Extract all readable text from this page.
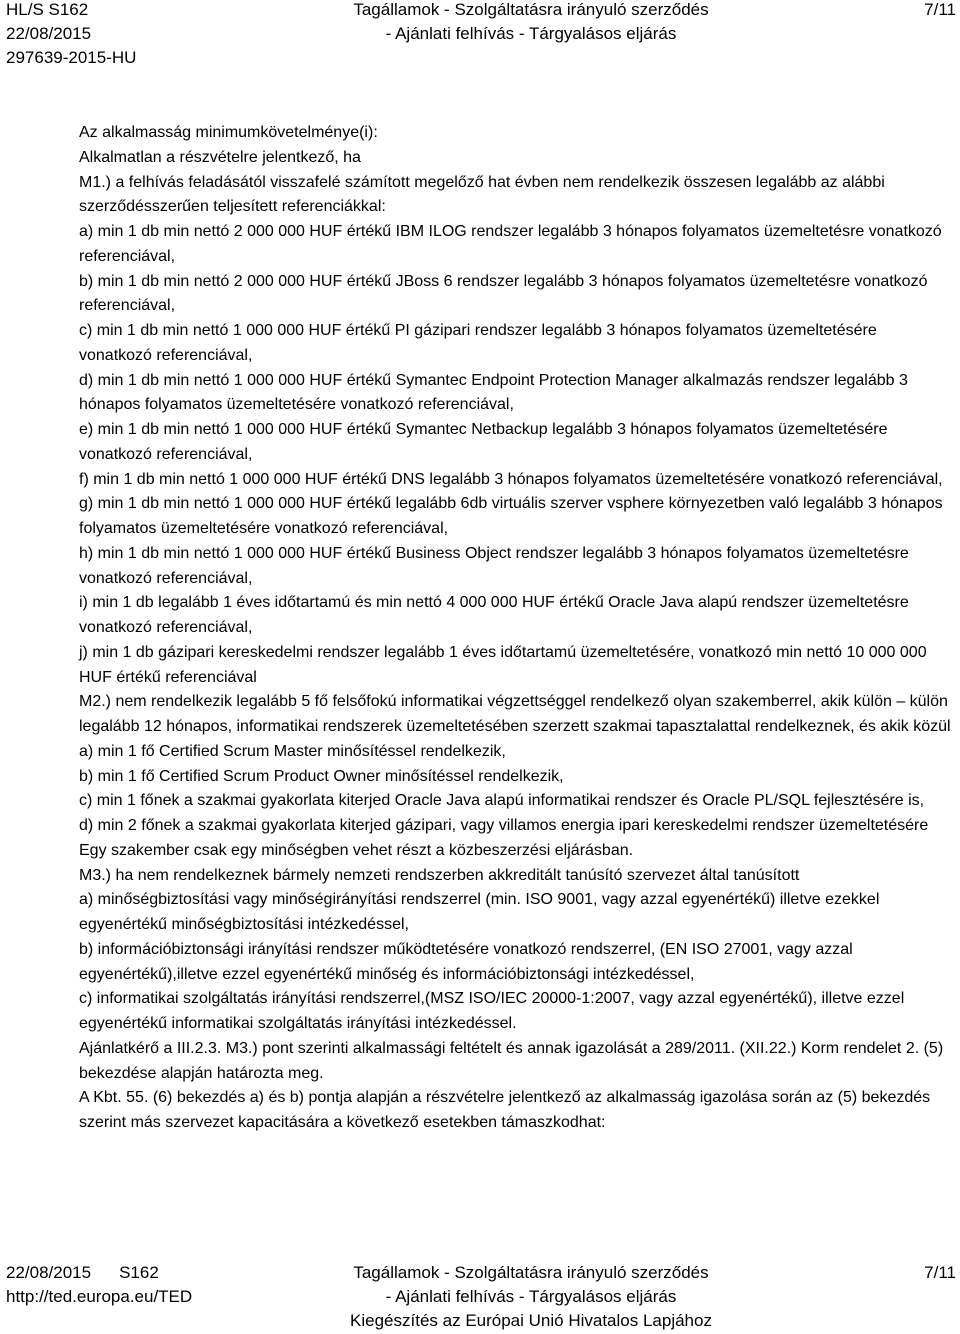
HL/S S162
22/08/2015
297639-2015-HU
Tagállamok - Szolgáltatásra irányuló szerződés
- Ajánlati felhívás - Tárgyalásos eljárás
7/11

Az alkalmasság minimumkövetelménye(i):

Alkalmatlan a részvételre jelentkező, ha

M1.) a felhívás feladásától visszafelé számított megelőző hat évben nem rendelkezik összesen legalább az alábbi szerződésszerűen teljesített referenciákkal:

a) min 1 db min nettó 2 000 000 HUF értékű IBM ILOG rendszer legalább 3 hónapos folyamatos üzemeltetésre vonatkozó referenciával,

b) min 1 db min nettó 2 000 000 HUF értékű JBoss 6 rendszer legalább 3 hónapos folyamatos üzemeltetésre vonatkozó referenciával,

c) min 1 db min nettó 1 000 000 HUF értékű PI gázipari rendszer legalább 3 hónapos folyamatos üzemeltetésére vonatkozó referenciával,

d) min 1 db min nettó 1 000 000 HUF értékű Symantec Endpoint Protection Manager alkalmazás rendszer legalább 3 hónapos folyamatos üzemeltetésére vonatkozó referenciával,

e) min 1 db min nettó 1 000 000 HUF értékű Symantec Netbackup legalább 3 hónapos folyamatos üzemeltetésére vonatkozó referenciával,

f) min 1 db min nettó 1 000 000 HUF értékű DNS legalább 3 hónapos folyamatos üzemeltetésére vonatkozó referenciával,

g) min 1 db min nettó 1 000 000 HUF értékű legalább 6db virtuális szerver vsphere környezetben való legalább 3 hónapos folyamatos üzemeltetésére vonatkozó referenciával,

h) min 1 db min nettó 1 000 000 HUF értékű Business Object rendszer legalább 3 hónapos folyamatos üzemeltetésre vonatkozó referenciával,

i) min 1 db legalább 1 éves időtartamú és min nettó 4 000 000 HUF értékű Oracle Java alapú rendszer üzemeltetésre vonatkozó referenciával,

j) min 1 db gázipari kereskedelmi rendszer legalább 1 éves időtartamú üzemeltetésére, vonatkozó min nettó 10 000 000 HUF értékű referenciával

M2.) nem rendelkezik legalább 5 fő felsőfokú informatikai végzettséggel rendelkező olyan szakemberrel, akik külön – külön legalább 12 hónapos, informatikai rendszerek üzemeltetésében szerzett szakmai tapasztalattal rendelkeznek, és akik közül

a) min 1 fő Certified Scrum Master minősítéssel rendelkezik,

b) min 1 fő Certified Scrum Product Owner minősítéssel rendelkezik,

c) min 1 főnek a szakmai gyakorlata kiterjed Oracle Java alapú informatikai rendszer és Oracle PL/SQL fejlesztésére is,

d) min 2 főnek a szakmai gyakorlata kiterjed gázipari, vagy villamos energia ipari kereskedelmi rendszer üzemeltetésére

Egy szakember csak egy minőségben vehet részt a közbeszerzési eljárásban.

M3.) ha nem rendelkeznek bármely nemzeti rendszerben akkreditált tanúsító szervezet által tanúsított

a) minőségbiztosítási vagy minőségirányítási rendszerrel (min. ISO 9001, vagy azzal egyenértékű) illetve ezekkel egyenértékű minőségbiztosítási intézkedéssel,

b) információbiztonsági irányítási rendszer működtetésére vonatkozó rendszerrel, (EN ISO 27001, vagy azzal egyenértékű),illetve ezzel egyenértékű minőség és információbiztonsági intézkedéssel,

c) informatikai szolgáltatás irányítási rendszerrel,(MSZ ISO/IEC 20000-1:2007, vagy azzal egyenértékű), illetve ezzel egyenértékű informatikai szolgáltatás irányítási intézkedéssel.

Ajánlatkérő a III.2.3. M3.) pont szerinti alkalmassági feltételt és annak igazolását a 289/2011. (XII.22.) Korm rendelet 2. (5) bekezdése alapján határozta meg.

A Kbt. 55. (6) bekezdés a) és b) pontja alapján a részvételre jelentkező az alkalmasság igazolása során az (5) bekezdés szerint más szervezet kapacitására a következő esetekben támaszkodhat:

22/08/2015 S162
http://ted.europa.eu/TED
Tagállamok - Szolgáltatásra irányuló szerződés
- Ajánlati felhívás - Tárgyalásos eljárás
Kiegészítés az Európai Unió Hivatalos Lapjához
7/11
